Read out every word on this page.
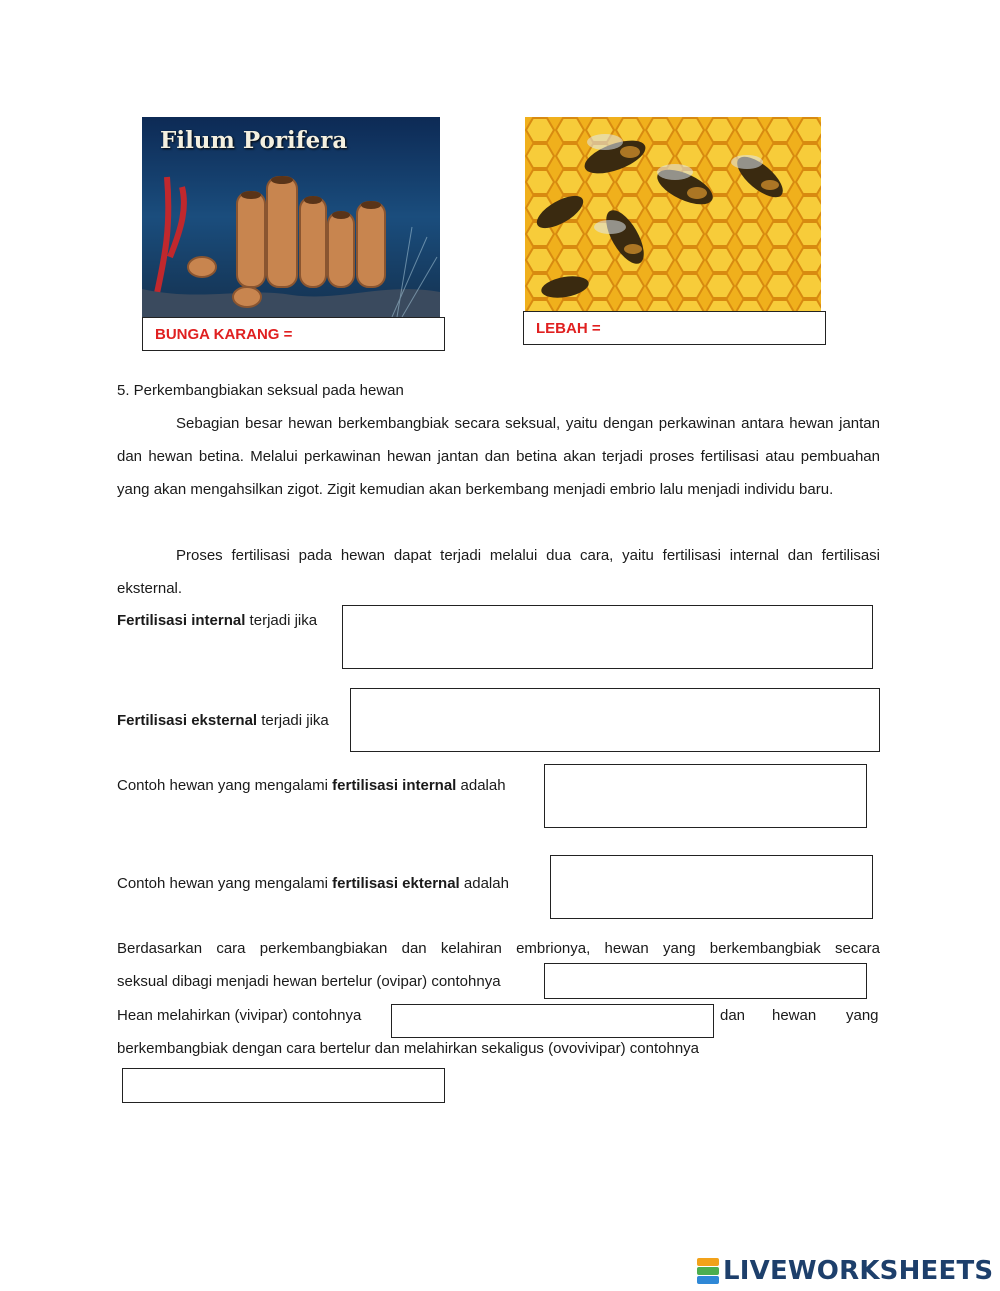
Filum Porifera
BUNGA KARANG =	LEBAH =
5. Perkembangbiakan seksual pada hewan
Sebagian besar hewan berkembangbiak secara seksual, yaitu dengan perkawinan antara hewan jantan dan hewan betina. Melalui perkawinan hewan jantan dan betina akan terjadi proses fertilisasi atau pembuahan yang akan mengahsilkan zigot. Zigit kemudian akan berkembang menjadi embrio lalu menjadi individu baru.
Proses fertilisasi pada hewan dapat terjadi melalui dua cara, yaitu fertilisasi internal dan fertilisasi eksternal.
Fertilisasi internal terjadi jika
Fertilisasi eksternal terjadi jika
Contoh hewan yang mengalami fertilisasi internal adalah
Contoh hewan yang mengalami fertilisasi ekternal adalah
Berdasarkan cara perkembangbiakan dan kelahiran embrionya, hewan yang berkembangbiak secara
seksual dibagi menjadi hewan bertelur (ovipar) contohnya
Hean melahirkan (vivipar) contohnya	dan hewan yang
berkembangbiak dengan cara bertelur dan melahirkan sekaligus (ovovivipar) contohnya
LIVEWORKSHEETS
